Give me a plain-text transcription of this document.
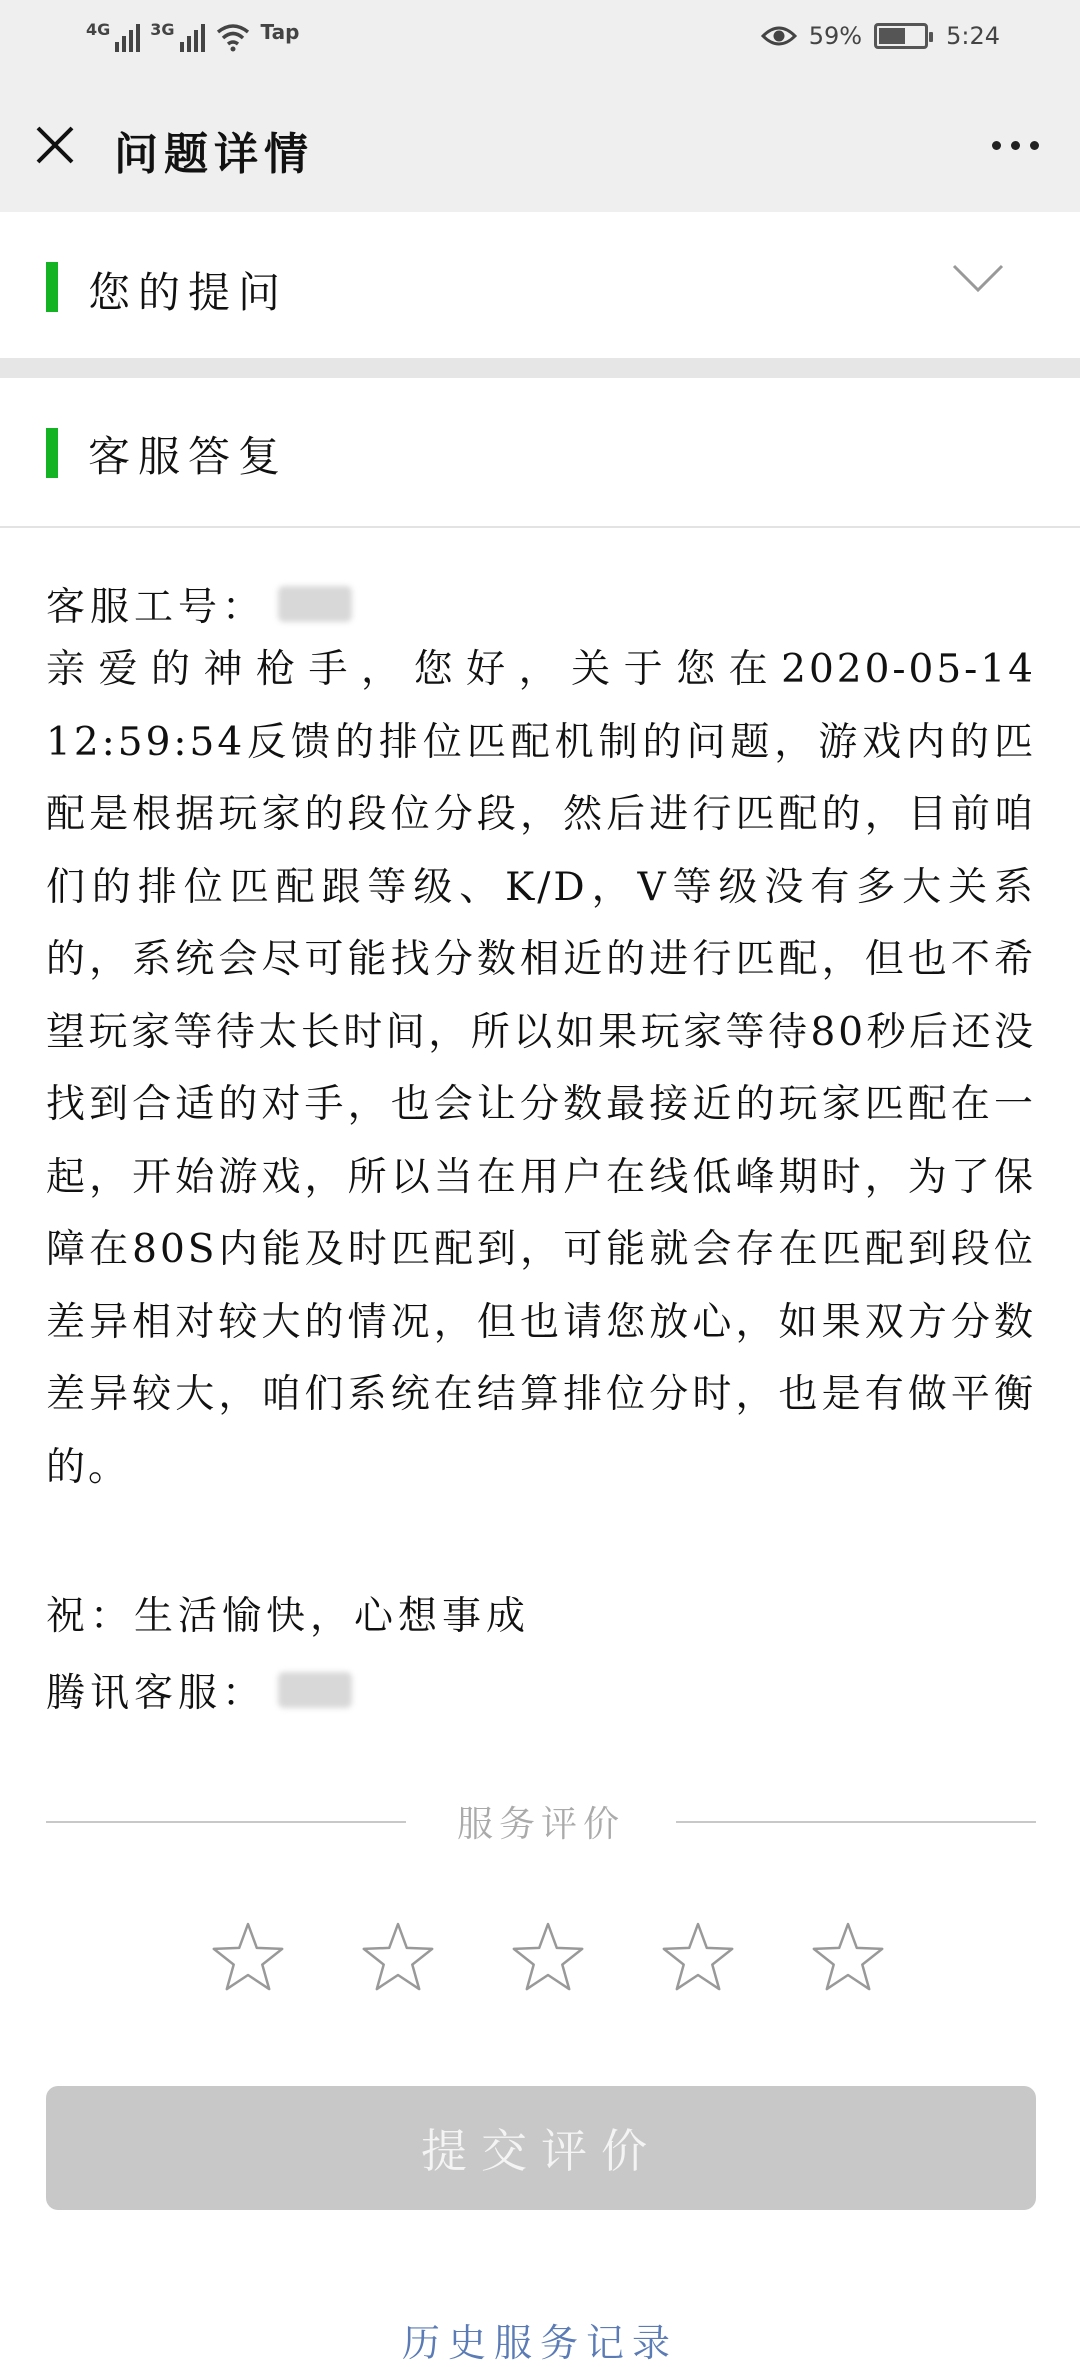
4G	3G	Tap	59%	5:24
问题详情
您的提问
客服答复
客服工号：
亲爱的神枪手，您好，关于您在2020-05-14 12:59:54反馈的排位匹配机制的问题，游戏内的匹配是根据玩家的段位分段，然后进行匹配的，目前咱们的排位匹配跟等级、K/D，V等级没有多大关系的，系统会尽可能找分数相近的进行匹配，但也不希望玩家等待太长时间，所以如果玩家等待80秒后还没找到合适的对手，也会让分数最接近的玩家匹配在一起，开始游戏，所以当在用户在线低峰期时，为了保障在80S内能及时匹配到，可能就会存在匹配到段位差异相对较大的情况，但也请您放心，如果双方分数差异较大，咱们系统在结算排位分时，也是有做平衡的。
祝：生活愉快，心想事成
腾讯客服：
服务评价
提交评价
历史服务记录
